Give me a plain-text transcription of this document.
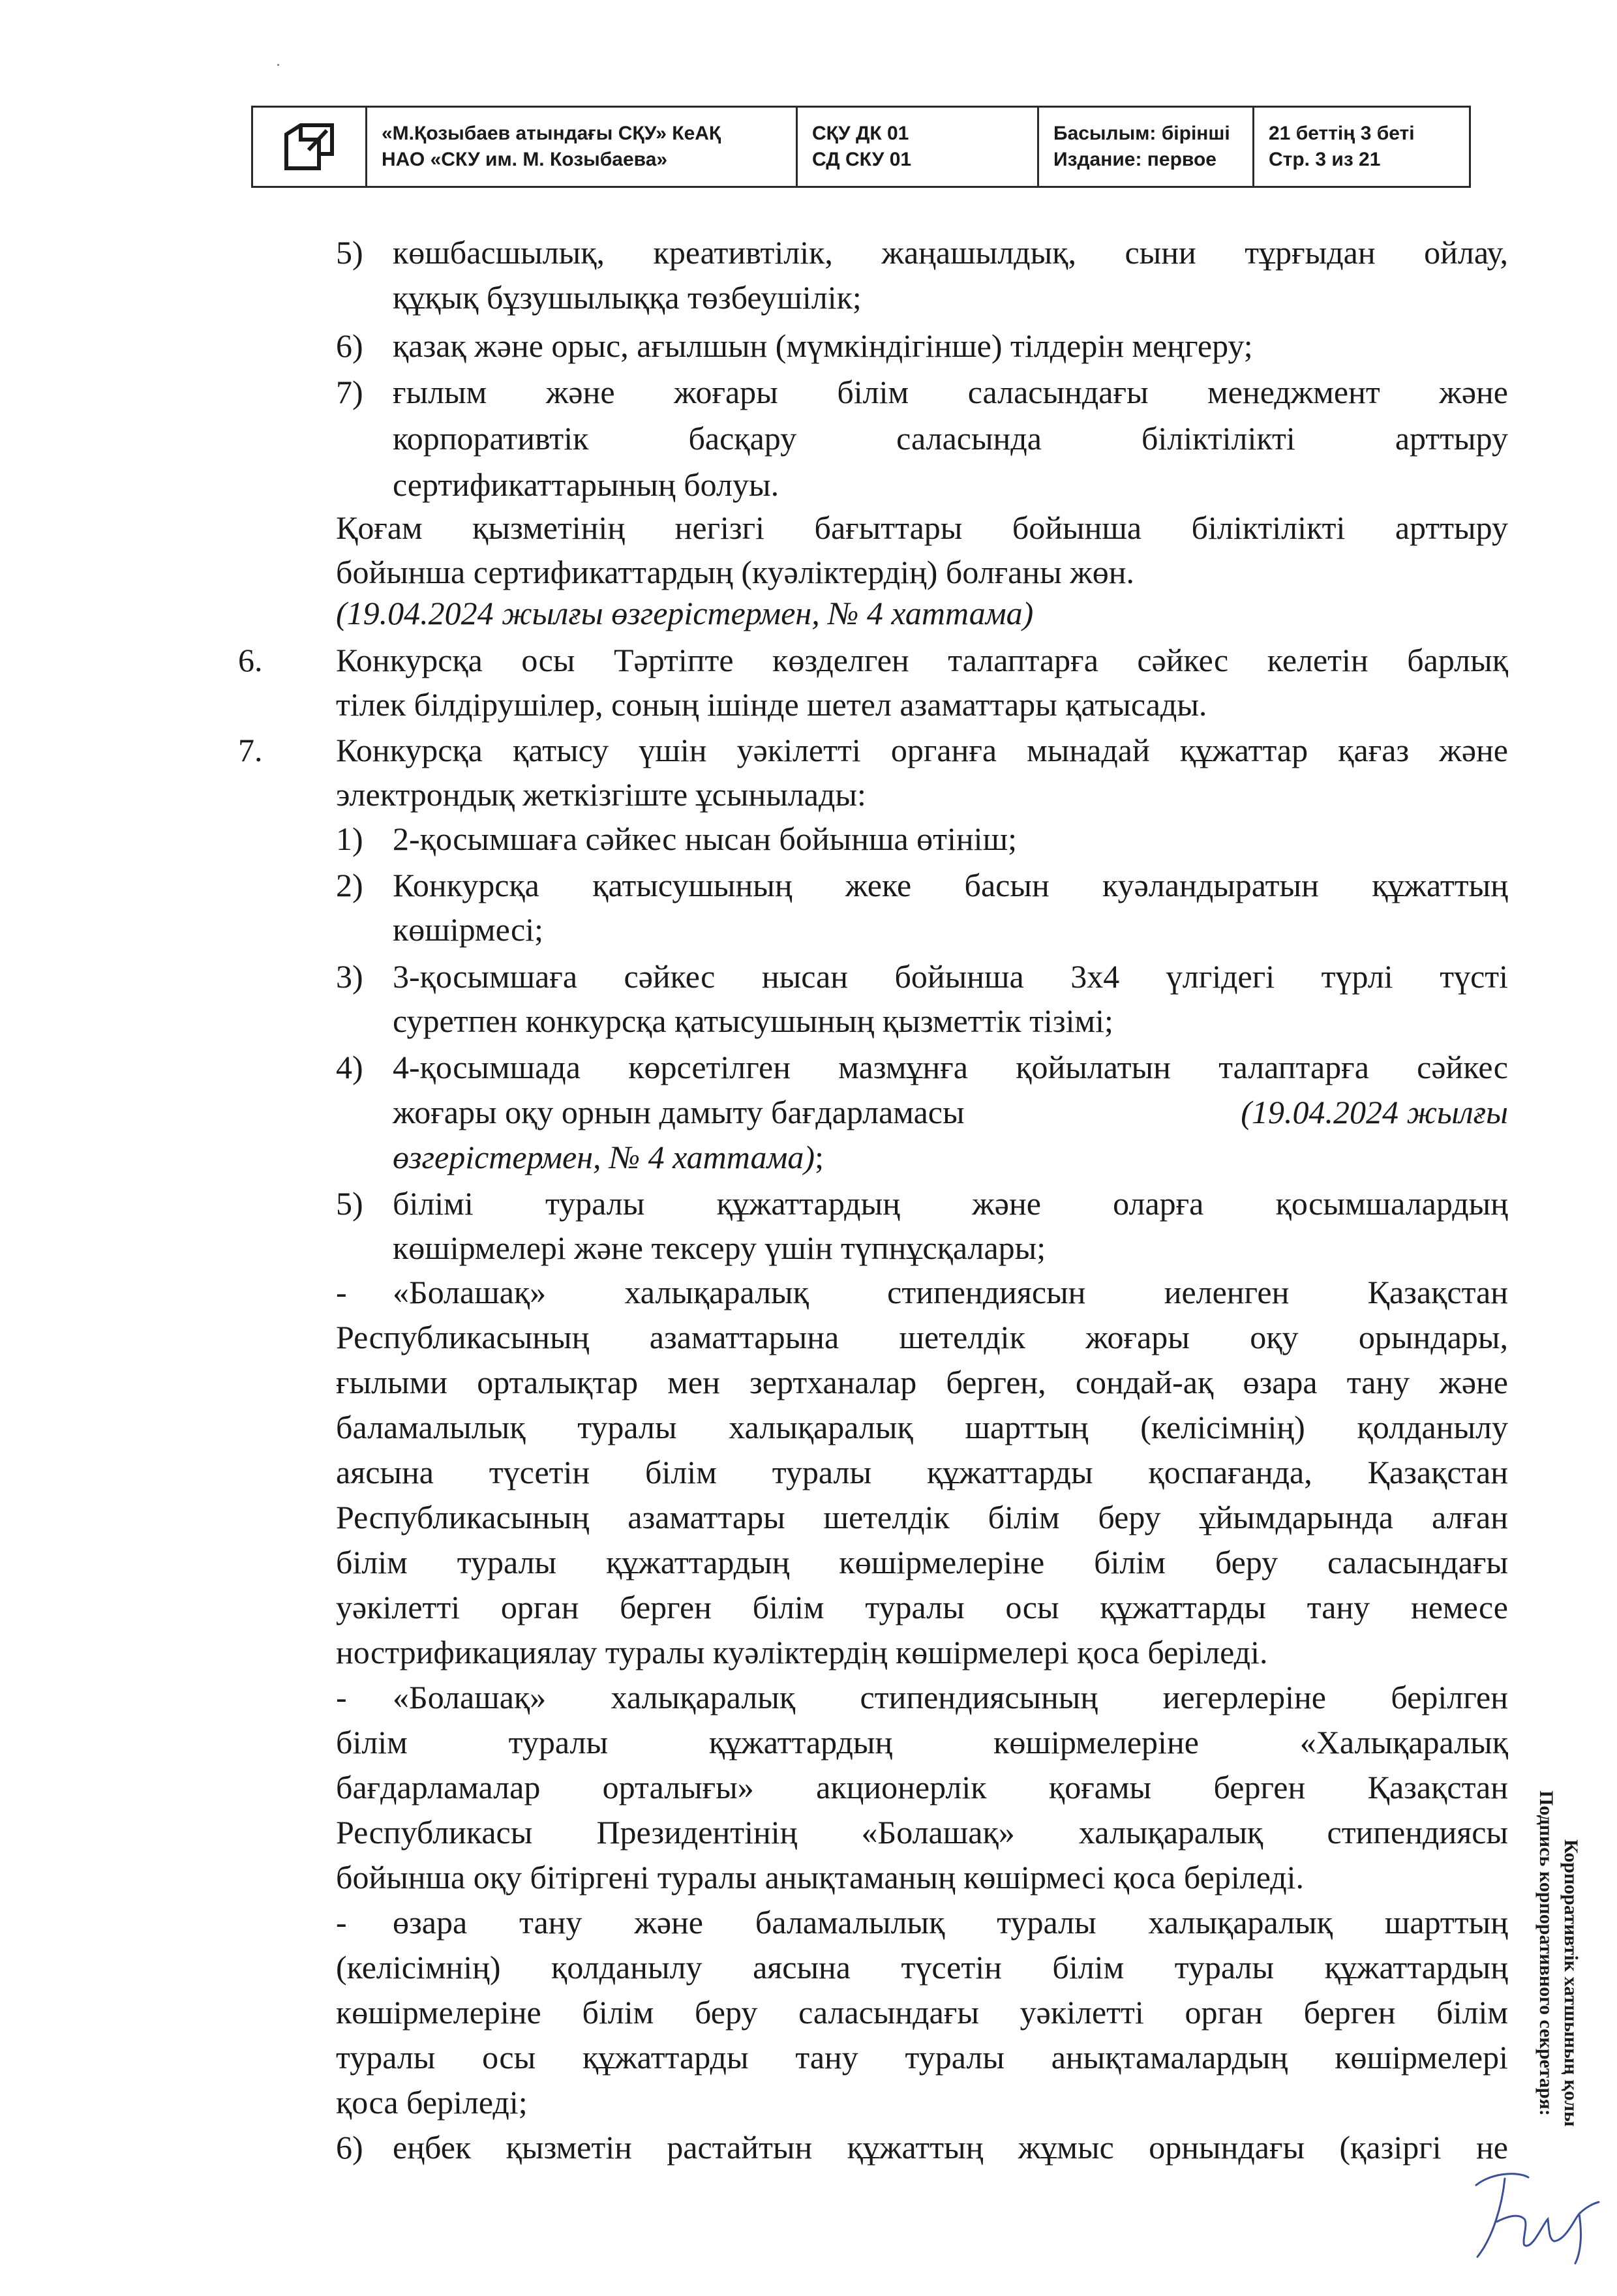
«М.Қозыбаев атындағы СҚУ» КеАҚ
НАО «СКУ им. М. Козыбаева»
СҚУ ДК 01
СД СКУ 01
Басылым: бірінші
Издание: первое
21 беттің 3 беті
Стр. 3 из 21
5) көшбасшылық, креативтілік, жаңашылдық, сыни тұрғыдан ойлау,
құқық бұзушылыққа төзбеушілік;
6) қазақ және орыс, ағылшын (мүмкіндігінше) тілдерін меңгеру;
7) ғылым және жоғары білім саласындағы менеджмент және
корпоративтік басқару саласында біліктілікті арттыру
сертификаттарының болуы.
Қоғам қызметінің негізгі бағыттары бойынша біліктілікті арттыру
бойынша сертификаттардың (куәліктердің) болғаны жөн.
(19.04.2024 жылғы өзгерістермен, № 4 хаттама)
6. Конкурсқа осы Тәртіпте көзделген талаптарға сәйкес келетін барлық
тілек білдірушілер, соның ішінде шетел азаматтары қатысады.
7. Конкурсқа қатысу үшін уәкілетті органға мынадай құжаттар қағаз және
электрондық жеткізгіште ұсынылады:
1) 2-қосымшаға сәйкес нысан бойынша өтініш;
2) Конкурсқа қатысушының жеке басын куәландыратын құжаттың
көшірмесі;
3) 3-қосымшаға сәйкес нысан бойынша 3х4 үлгідегі түрлі түсті
суретпен конкурсқа қатысушының қызметтік тізімі;
4) 4-қосымшада көрсетілген мазмұнға қойылатын талаптарға сәйкес
жоғары оқу орнын дамыту бағдарламасы	(19.04.2024 жылғы
өзгерістермен, № 4 хаттама);
5) білімі туралы құжаттардың және оларға қосымшалардың
көшірмелері және тексеру үшін түпнұсқалары;
- «Болашақ» халықаралық стипендиясын иеленген Қазақстан
Республикасының азаматтарына шетелдік жоғары оқу орындары,
ғылыми орталықтар мен зертханалар берген, сондай-ақ өзара тану және
баламалылық туралы халықаралық шарттың (келісімнің) қолданылу
аясына түсетін білім туралы құжаттарды қоспағанда, Қазақстан
Республикасының азаматтары шетелдік білім беру ұйымдарында алған
білім туралы құжаттардың көшірмелеріне білім беру саласындағы
уәкілетті орган берген білім туралы осы құжаттарды тану немесе
нострификациялау туралы куәліктердің көшірмелері қоса беріледі.
- «Болашақ» халықаралық стипендиясының иегерлеріне берілген
білім туралы құжаттардың көшірмелеріне «Халықаралық
бағдарламалар орталығы» акционерлік қоғамы берген Қазақстан
Республикасы Президентінің «Болашақ» халықаралық стипендиясы
бойынша оқу бітіргені туралы анықтаманың көшірмесі қоса беріледі.
- өзара тану және баламалылық туралы халықаралық шарттың
(келісімнің) қолданылу аясына түсетін білім туралы құжаттардың
көшірмелеріне білім беру саласындағы уәкілетті орган берген білім
туралы осы құжаттарды тану туралы анықтамалардың көшірмелері
қоса беріледі;
6) еңбек қызметін растайтын құжаттың жұмыс орнындағы (қазіргі не
Корпоративтік хатшының қолы
Подпись корпоративного секретаря:
